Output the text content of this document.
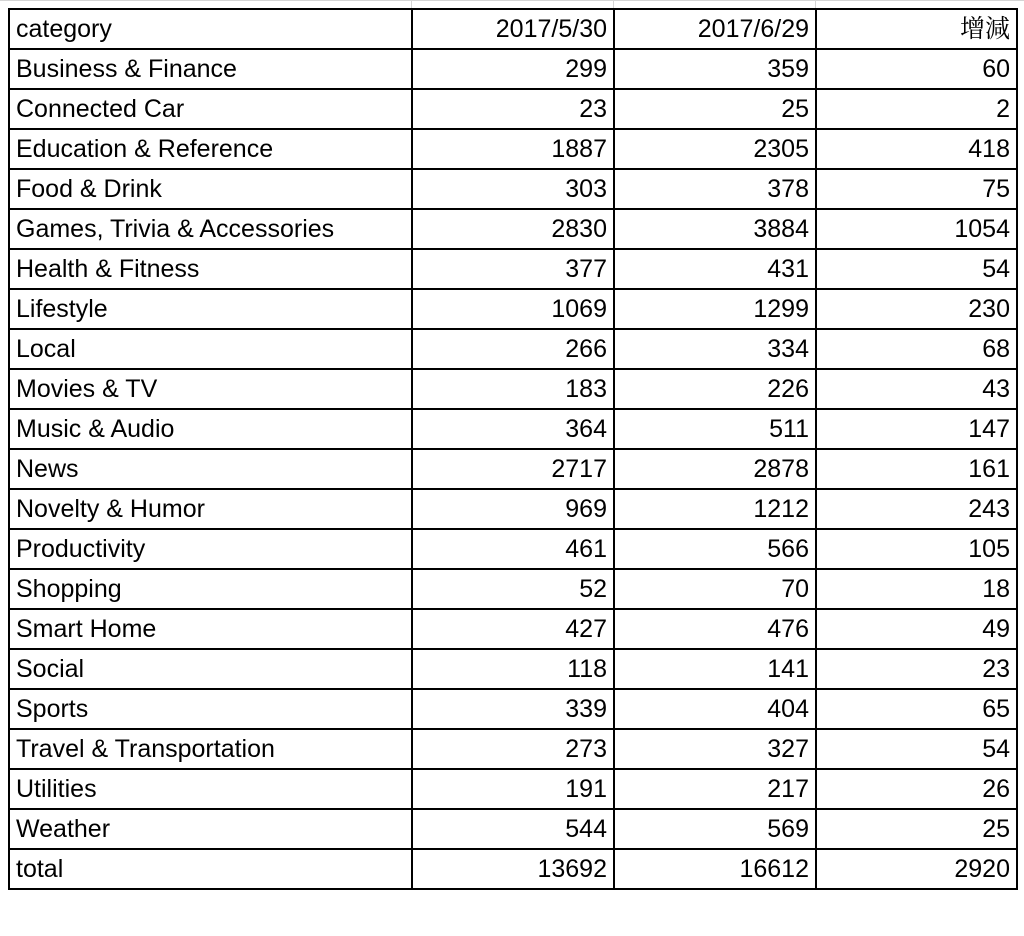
category	2017/5/30	2017/6/29	增減
Business & Finance	299	359	60
Connected Car	23	25	2
Education & Reference	1887	2305	418
Food & Drink	303	378	75
Games, Trivia & Accessories	2830	3884	1054
Health & Fitness	377	431	54
Lifestyle	1069	1299	230
Local	266	334	68
Movies & TV	183	226	43
Music & Audio	364	511	147
News	2717	2878	161
Novelty & Humor	969	1212	243
Productivity	461	566	105
Shopping	52	70	18
Smart Home	427	476	49
Social	118	141	23
Sports	339	404	65
Travel & Transportation	273	327	54
Utilities	191	217	26
Weather	544	569	25
total	13692	16612	2920
